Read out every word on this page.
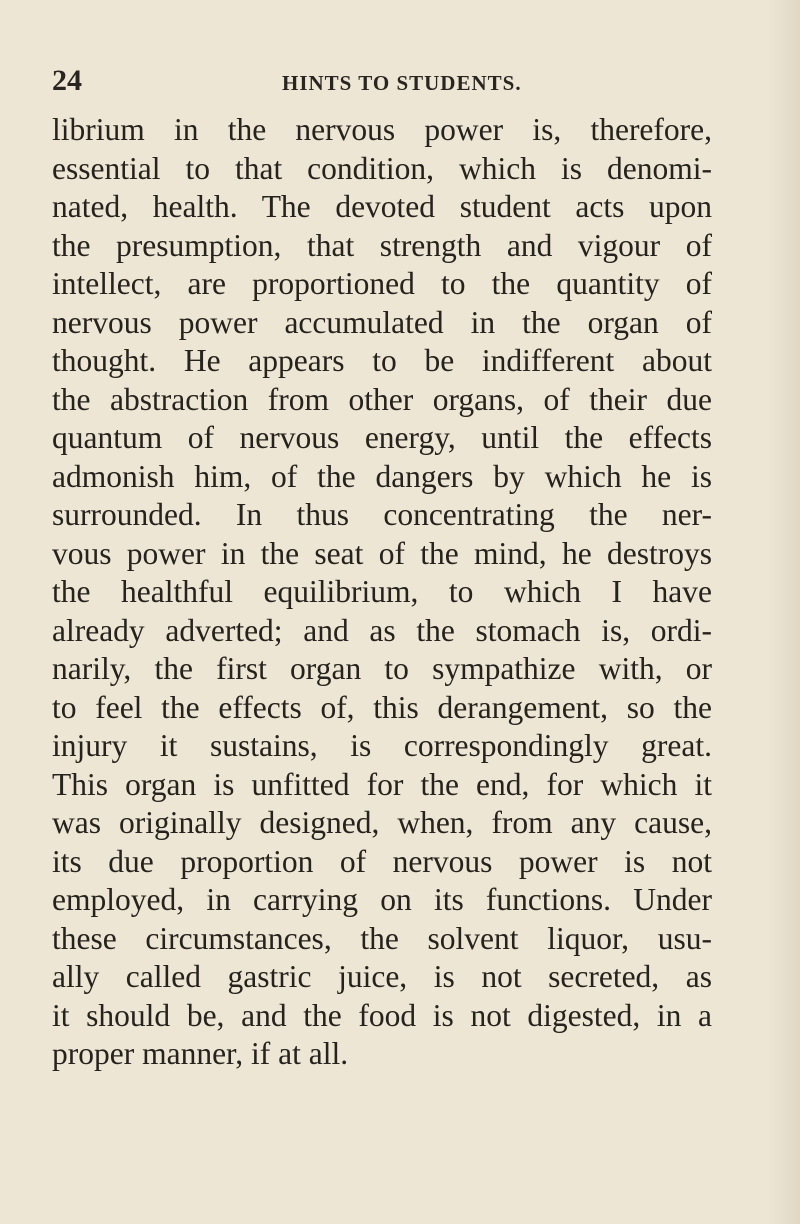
24	HINTS TO STUDENTS.
librium in the nervous power is, therefore,
essential to that condition, which is denomi-
nated, health. The devoted student acts upon
the presumption, that strength and vigour of
intellect, are proportioned to the quantity of
nervous power accumulated in the organ of
thought. He appears to be indifferent about
the abstraction from other organs, of their due
quantum of nervous energy, until the effects
admonish him, of the dangers by which he is
surrounded. In thus concentrating the ner-
vous power in the seat of the mind, he destroys
the healthful equilibrium, to which I have
already adverted; and as the stomach is, ordi-
narily, the first organ to sympathize with, or
to feel the effects of, this derangement, so the
injury it sustains, is correspondingly great.
This organ is unfitted for the end, for which it
was originally designed, when, from any cause,
its due proportion of nervous power is not
employed, in carrying on its functions. Under
these circumstances, the solvent liquor, usu-
ally called gastric juice, is not secreted, as
it should be, and the food is not digested, in a
proper manner, if at all.
